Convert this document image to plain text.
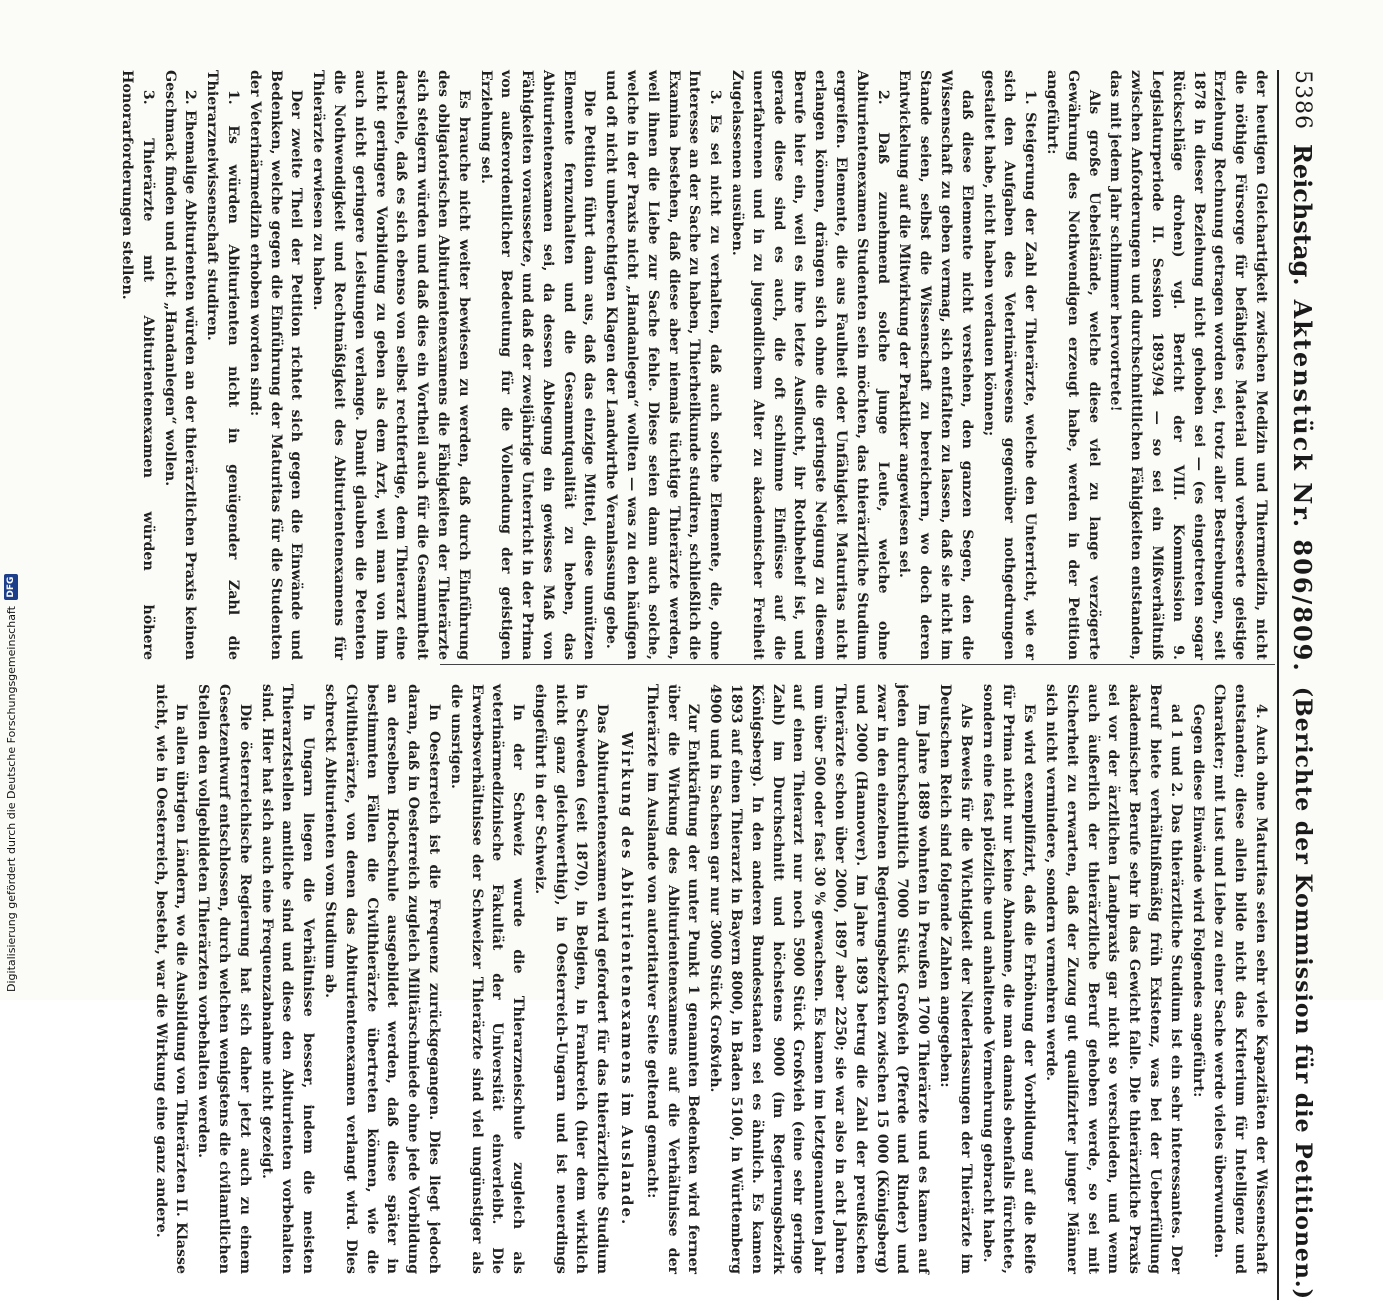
5386
Reichstag.
Aktenstück Nr. 806/809.
(Berichte der Kommission für die Petitionen.)

der heutigen Gleichartigkeit zwischen Medizin und Thiermedizin, nicht die nöthige Fürsorge für befähigtes Material und verbesserte geistige Erziehung Rechnung getragen worden sei, trotz aller Bestrebungen, seit 1878 in dieser Beziehung nicht gehoben sei — (es eingetreten sogar Rückschläge drohen) vgl. Bericht der VIII. Kommission 9. Legislaturperiode II. Session 1893/94 — so sei ein Mißverhältniß zwischen Anforderungen und durchschnittlichen Fähigkeiten entstanden, das mit jedem Jahr schlimmer hervortrete!

Als große Uebelstände, welche diese viel zu lange verzögerte Gewährung des Nothwendigen erzeugt habe, werden in der Petition angeführt:

1. Steigerung der Zahl der Thierärzte, welche den Unterricht, wie er sich den Aufgaben des Veterinärwesens gegenüber nothgedrungen gestaltet habe, nicht haben verdauen können;

daß diese Elemente nicht verstehen, den ganzen Segen, den die Wissenschaft zu geben vermag, sich entfalten zu lassen, daß sie nicht im Stande seien, selbst die Wissenschaft zu bereichern, wo doch deren Entwickelung auf die Mitwirkung der Praktiker angewiesen sei.

2. Daß zunehmend solche junge Leute, welche ohne Abiturientenexamen Studenten sein möchten, das thierärztliche Studium ergreifen. Elemente, die aus Faulheit oder Unfähigkeit Maturitas nicht erlangen können, drängen sich ohne die geringste Neigung zu diesem Berufe hier ein, weil es ihre letzte Ausflucht, ihr Rothbehelf ist, und gerade diese sind es auch, die oft schlimme Einflüsse auf die unerfahrenen und in zu jugendlichem Alter zu akademischer Freiheit Zugelassenen ausüben.

3. Es sei nicht zu verhalten, daß auch solche Elemente, die, ohne Interesse an der Sache zu haben, Thierheilkunde studiren, schließlich die Examina bestehen, daß diese aber niemals tüchtige Thierärzte werden, weil ihnen die Liebe zur Sache fehle. Diese seien dann auch solche, welche in der Praxis nicht „Handanlegen“ wollten — was zu den häufigen und oft nicht unberechtigten Klagen der Landwirthe Veranlassung gebe.

Die Petition führt dann aus, daß das einzige Mittel, diese unnützen Elemente fernzuhalten und die Gesammtqualität zu heben, das Abiturientenexamen sei, da dessen Ablegung ein gewisses Maß von Fähigkeiten voraussetze, und daß der zweijährige Unterricht in der Prima von außerordentlicher Bedeutung für die Vollendung der geistigen Erziehung sei.

Es brauche nicht weiter bewiesen zu werden, daß durch Einführung des obligatorischen Abiturientenexamens die Fähigkeiten der Thierärzte sich steigern würden und daß dies ein Vortheil auch für die Gesammtheit darstelle, daß es sich ebenso von selbst rechtfertige, dem Thierarzt eine nicht geringere Vorbildung zu geben als dem Arzt, weil man von ihm auch nicht geringere Leistungen verlange. Damit glauben die Petenten die Nothwendigkeit und Rechtmäßigkeit des Abiturientenexamens für Thierärzte erwiesen zu haben.

Der zweite Theil der Petition richtet sich gegen die Einwände und Bedenken, welche gegen die Einführung der Maturitas für die Studenten der Veterinärmedizin erhoben worden sind:

1. Es würden Abiturienten nicht in genügender Zahl die Thierarzneiwissenschaft studiren.

2. Ehemalige Abiturienten würden an der thierärztlichen Praxis keinen Geschmack finden und nicht „Handanlegen“ wollen.

3. Thierärzte mit Abiturientenexamen würden höhere Honorarforderungen stellen.

4. Auch ohne Maturitas seien sehr viele Kapazitäten der Wissenschaft entstanden; diese allein bilde nicht das Kriterium für Intelligenz und Charakter; mit Lust und Liebe zu einer Sache werde vieles überwunden.

Gegen diese Einwände wird Folgendes angeführt:

ad 1 und 2. Das thierärztliche Studium ist ein sehr interessantes. Der Beruf biete verhältnißmäßig früh Existenz, was bei der Ueberfüllung akademischer Berufe sehr in das Gewicht falle. Die thierärztliche Praxis sei vor der ärztlichen Landpraxis gar nicht so verschieden, und wenn auch äußerlich der thierärztliche Beruf gehoben werde, so sei mit Sicherheit zu erwarten, daß der Zuzug gut qualifizirter junger Männer sich nicht vermindere, sondern vermehren werde.

Es wird exemplifizirt, daß die Erhöhung der Vorbildung auf die Reife für Prima nicht nur keine Abnahme, die man damals ebenfalls fürchtete, sondern eine fast plötzliche und anhaltende Vermehrung gebracht habe.

Als Beweis für die Wichtigkeit der Niederlassungen der Thierärzte im Deutschen Reich sind folgende Zahlen angegeben:

Im Jahre 1889 wohnten in Preußen 1700 Thierärzte und es kamen auf jeden durchschnittlich 7000 Stück Großvieh (Pferde und Rinder) und zwar in den einzelnen Regierungsbezirken zwischen 15 000 (Königsberg) und 2000 (Hannover). Im Jahre 1893 betrug die Zahl der preußischen Thierärzte schon über 2000, 1897 aber 2250; sie war also in acht Jahren um über 500 oder fast 30 % gewachsen. Es kamen im letztgenannten Jahr auf einen Thierarzt nur noch 5900 Stück Großvieh (eine sehr geringe Zahl) im Durchschnitt und höchstens 9000 (im Regierungsbezirk Königsberg). In den anderen Bundesstaaten sei es ähnlich. Es kamen 1893 auf einen Thierarzt in Bayern 8000, in Baden 5100, in Württemberg 4900 und in Sachsen gar nur 3000 Stück Großvieh.

Zur Entkräftung der unter Punkt 1 genannten Bedenken wird ferner über die Wirkung des Abiturientenexamens auf die Verhältnisse der Thierärzte im Auslande von autoritativer Seite geltend gemacht:

Wirkung des Abiturientenexamens im Auslande.

Das Abiturientenexamen wird gefordert für das thierärztliche Studium in Schweden (seit 1870), in Belgien, in Frankreich (hier dem wirklich nicht ganz gleichwerthig), in Oesterreich-Ungarn und ist neuerdings eingeführt in der Schweiz.

In der Schweiz wurde die Thierarzneischule zugleich als veterinärmedizinische Fakultät der Universität einverleibt. Die Erwerbsverhältnisse der Schweizer Thierärzte sind viel ungünstiger als die unsrigen.

In Oesterreich ist die Frequenz zurückgegangen. Dies liegt jedoch daran, daß in Oesterreich zugleich Militärschmiede ohne jede Vorbildung an derselben Hochschule ausgebildet werden, daß diese später in bestimmten Fällen die Civilthierärzte übertreten können, wie die Civilthierärzte, von denen das Abiturientenexamen verlangt wird. Dies schreckt Abiturienten vom Studium ab.

In Ungarn liegen die Verhältnisse besser, indem die meisten Thierarztstellen amtliche sind und diese den Abiturienten vorbehalten sind. Hier hat sich auch eine Frequenzabnahme nicht gezeigt.

Die österreichische Regierung hat sich daher jetzt auch zu einem Gesetzentwurf entschlossen, durch welchen wenigstens die civilamtlichen Stellen den vollgebildeten Thierärzten vorbehalten werden.

In allen übrigen Ländern, wo die Ausbildung von Thierärzten II. Klasse nicht, wie in Oesterreich, besteht, war die Wirkung eine ganz andere.

Digitalisierung gefördert durch die Deutsche Forschungsgemeinschaft
DFG
